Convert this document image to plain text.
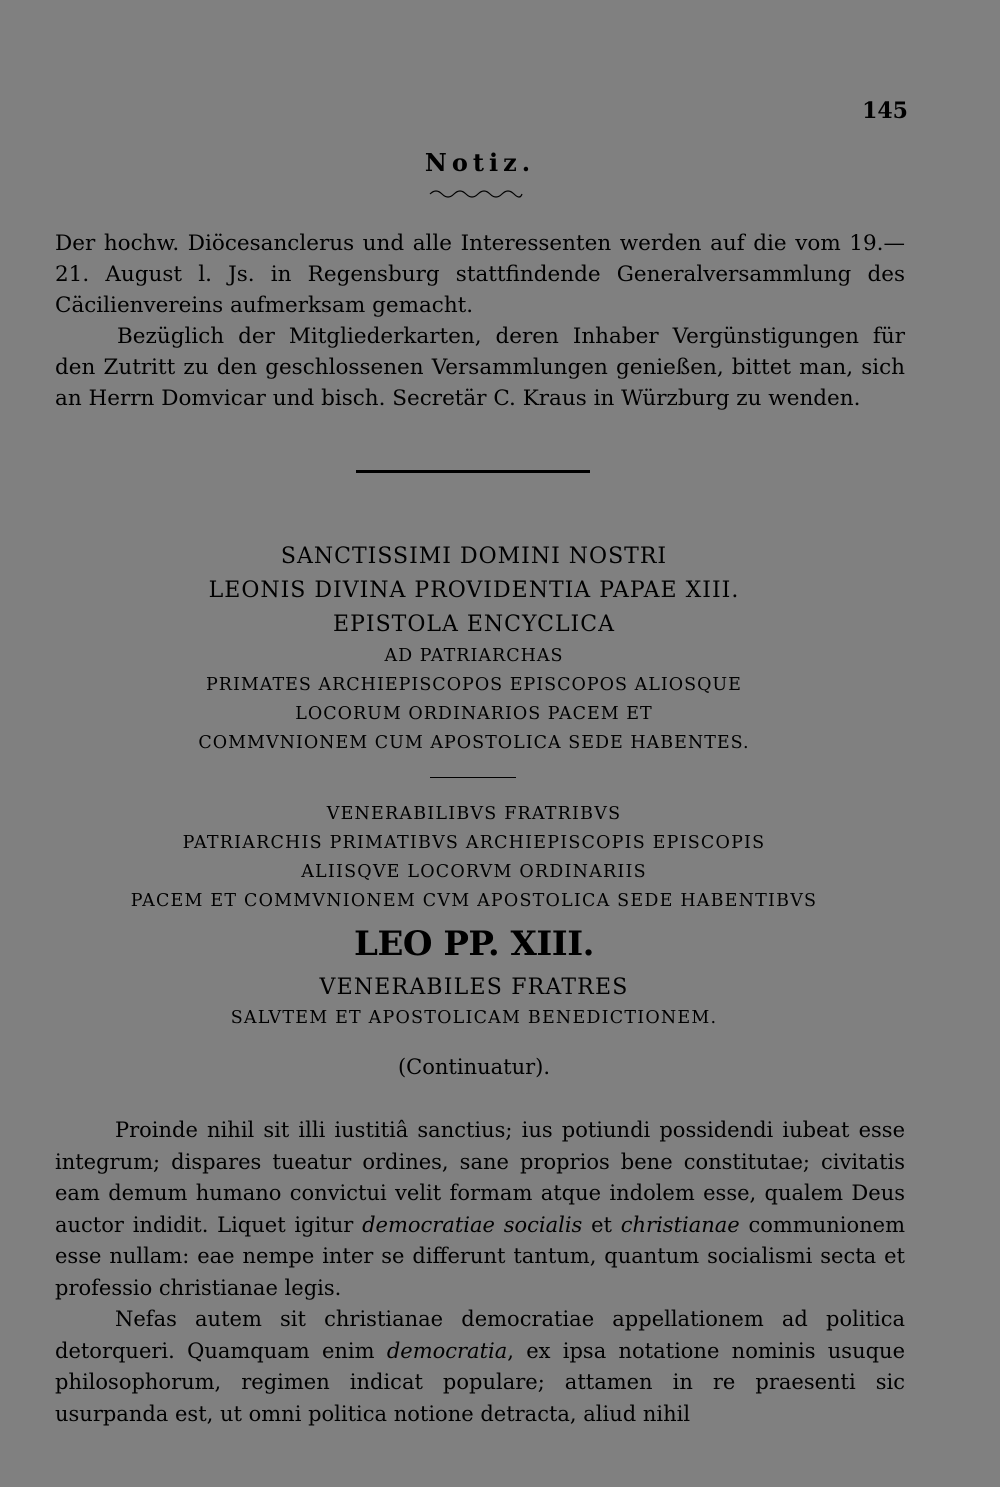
145
Notiz.

Der hochw. Diöcesanclerus und alle Interessenten werden auf die vom 19.—21. August l. Js. in Regensburg stattfindende Generalversammlung des Cäcilienvereins aufmerksam gemacht.

Bezüglich der Mitgliederkarten, deren Inhaber Vergünstigungen für den Zutritt zu den geschlossenen Versammlungen genießen, bittet man, sich an Herrn Domvicar und bisch. Secretär C. Kraus in Würzburg zu wenden.

SANCTISSIMI DOMINI NOSTRI
LEONIS DIVINA PROVIDENTIA PAPAE XIII.
EPISTOLA ENCYCLICA
AD PATRIARCHAS
PRIMATES ARCHIEPISCOPOS EPISCOPOS ALIOSQUE
LOCORUM ORDINARIOS PACEM ET
COMMVNIONEM CUM APOSTOLICA SEDE HABENTES.
VENERABILIBVS FRATRIBVS
PATRIARCHIS PRIMATIBVS ARCHIEPISCOPIS EPISCOPIS
ALIISQVE LOCORVM ORDINARIIS
PACEM ET COMMVNIONEM CVM APOSTOLICA SEDE HABENTIBVS
LEO PP. XIII.
VENERABILES FRATRES
SALVTEM ET APOSTOLICAM BENEDICTIONEM.
(Continuatur).

Proinde nihil sit illi iustitiâ sanctius; ius potiundi possidendi iubeat esse integrum; dispares tueatur ordines, sane proprios bene constitutae; civitatis eam demum humano convictui velit formam atque indolem esse, qualem Deus auctor indidit. Liquet igitur democratiae socialis et christianae communionem esse nullam: eae nempe inter se differunt tantum, quantum socialismi secta et professio christianae legis.

Nefas autem sit christianae democratiae appellationem ad politica detorqueri. Quamquam enim democratia, ex ipsa notatione nominis usuque philosophorum, regimen indicat populare; attamen in re praesenti sic usurpanda est, ut omni politica notione detracta, aliud nihil
